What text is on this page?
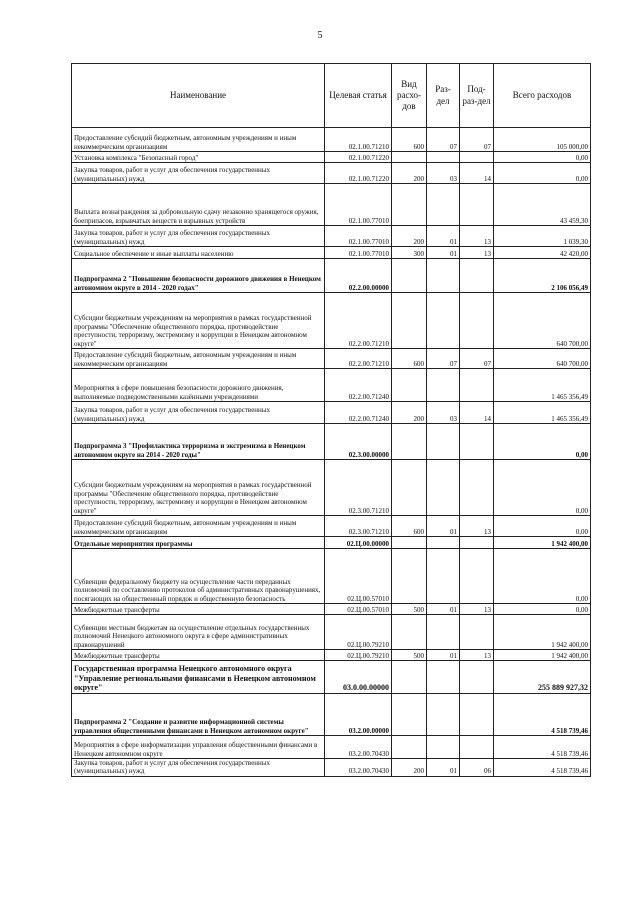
5
Наименование	Целевая статья	Вид расхо-дов	Раз-дел	Под-раз-дел	Всего расходов
Предоставление субсидий бюджетным, автономным учреждениям и иным некоммерческим организациям	02.1.00.71210	600	07	07	105 000,00
Установка комплекса "Безопасный город"	02.1.00.71220				0,00
Закупка товаров, работ и услуг для обеспечения государственных (муниципальных) нужд	02.1.00.71220	200	03	14	0,00
Выплата вознаграждения за добровольную сдачу незаконно хранящегося оружия, боеприпасов, взрывчатых веществ и взрывных устройств	02.1.00.77010				43 459,30
Закупка товаров, работ и услуг для обеспечения государственных (муниципальных) нужд	02.1.00.77010	200	01	13	1 039,30
Социальное обеспечение и иные выплаты населению	02.1.00.77010	300	01	13	42 420,00
Подпрограмма 2 "Повышение безопасности дорожного движения в Ненецком автономном округе в 2014 - 2020 годах"	02.2.00.00000				2 106 056,49
Субсидии бюджетным учреждениям на мероприятия в рамках государственной программы "Обеспечение общественного порядка, противодействие преступности, терроризму, экстремизму и коррупции в Ненецком автономном округе"	02.2.00.71210				640 700,00
Предоставление субсидий бюджетным, автономным учреждениям и иным некоммерческим организациям	02.2.00.71210	600	07	07	640 700,00
Мероприятия в сфере повышения безопасности дорожного движения, выполняемые подведомственными казёнными учреждениями	02.2.00.71240				1 465 356,49
Закупка товаров, работ и услуг для обеспечения государственных (муниципальных) нужд	02.2.00.71240	200	03	14	1 465 356,49
Подпрограмма 3 "Профилактика терроризма и экстремизма в Ненецком автономном округе на 2014 - 2020 годы"	02.3.00.00000				0,00
Субсидии бюджетным учреждениям на мероприятия в рамках государственной программы "Обеспечение общественного порядка, противодействие преступности, терроризму, экстремизму и коррупции в Ненецком автономном округе"	02.3.00.71210				0,00
Предоставление субсидий бюджетным, автономным учреждениям и иным некоммерческим организациям	02.3.00.71210	600	01	13	0,00
Отдельные мероприятия программы	02.Ц.00.00000				1 942 400,00
Субвенции федеральному бюджету на осуществление части переданных полномочий по составлению протоколов об административных правонарушениях, посягающих на общественный порядок и общественную безопасность	02.Ц.00.57010				0,00
Межбюджетные трансферты	02.Ц.00.57010	500	01	13	0,00
Субвенции местным бюджетам на осуществление отдельных государственных полномочий Ненецкого автономного округа в сфере административных правонарушений	02.Ц.00.79210				1 942 400,00
Межбюджетные трансферты	02.Ц.00.79210	500	01	13	1 942 400,00
Государственная программа Ненецкого автономного округа "Управление региональными финансами в Ненецком автономном округе"	03.0.00.00000				255 889 927,32
Подпрограмма 2 "Создание и развитие информационной системы управления общественными финансами в Ненецком автономном округе"	03.2.00.00000				4 518 739,46
Мероприятия в сфере информатизации управления общественными финансами в Ненецком автономном округе	03.2.00.70430				4 518 739,46
Закупка товаров, работ и услуг для обеспечения государственных (муниципальных) нужд	03.2.00.70430	200	01	06	4 518 739,46
